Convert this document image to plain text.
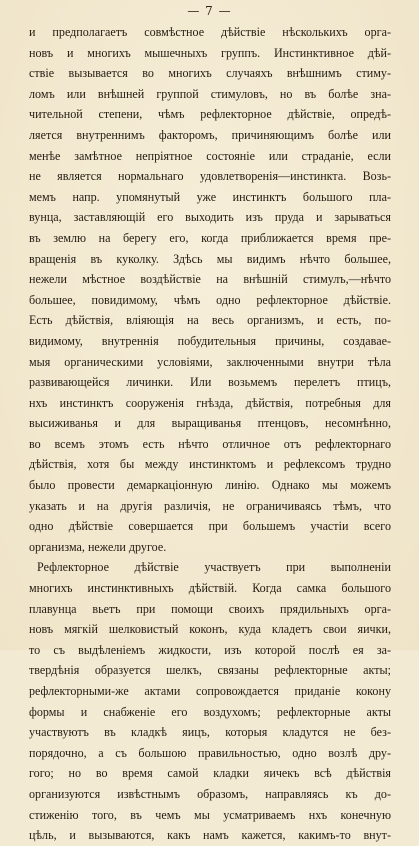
— 7 —
и предполагаетъ совмѣстное дѣйствіе нѣсколькихъ орга-
новъ и многихъ мышечныхъ группъ. Инстинктивное дѣй-
ствіе вызывается во многихъ случаяхъ внѣшнимъ стиму-
ломъ или внѣшней группой стимуловъ, но въ болѣе зна-
чительной степени, чѣмъ рефлекторное дѣйствіе, опредѣ-
ляется внутреннимъ факторомъ, причиняющимъ болѣе или
менѣе замѣтное непріятное состояніе или страданіе, если
не является нормальнаго удовлетворенія—инстинкта. Возь-
мемъ напр. упомянутый уже инстинктъ большого пла-
вунца, заставляющій его выходить изъ пруда и зарываться
въ землю на берегу его, когда приближается время пре-
вращенія въ куколку. Здѣсь мы видимъ нѣчто большее,
нежели мѣстное воздѣйствіе на внѣшній стимулъ,—нѣчто
большее, повидимому, чѣмъ одно рефлекторное дѣйствіе.
Есть дѣйствія, вліяющія на весь организмъ, и есть, по-
видимому, внутреннія побудительныя причины, создавае-
мыя органическими условіями, заключенными внутри тѣла
развивающейся личинки. Или возьмемъ перелетъ птицъ,
нхъ инстинктъ сооруженія гнѣзда, дѣйствія, потребныя для
высиживанья и для выращиванья птенцовъ, несомнѣнно,
во всемъ этомъ есть нѣчто отличное отъ рефлекторнаго
дѣйствія, хотя бы между инстинктомъ и рефлексомъ трудно
было провести демаркаціонную линію. Однако мы можемъ
указать и на другія различія, не ограничиваясь тѣмъ, что
одно дѣйствіе совершается при большемъ участіи всего
организма, нежели другое.
Рефлекторное дѣйствіе участвуетъ при выполненіи
многихъ инстинктивныхъ дѣйствій. Когда самка большого
плавунца вьетъ при помощи своихъ прядильныхъ орга-
новъ мягкій шелковистый коконъ, куда кладетъ свои яички,
то съ выдѣленіемъ жидкости, изъ которой послѣ ея за-
твердѣнія образуется шелкъ, связаны рефлекторные акты;
рефлекторными-же актами сопровождается приданіе кокону
формы и снабженіе его воздухомъ; рефлекторные акты
участвуютъ въ кладкѣ яицъ, которыя кладутся не без-
порядочно, а съ большою правильностью, одно возлѣ дру-
гого; но во время самой кладки яичекъ всѣ дѣйствія
организуются извѣстнымъ образомъ, направляясь къ до-
стиженію того, въ чемъ мы усматриваемъ нхъ конечную
цѣль, и вызываются, какъ намъ кажется, какимъ-то внут-
